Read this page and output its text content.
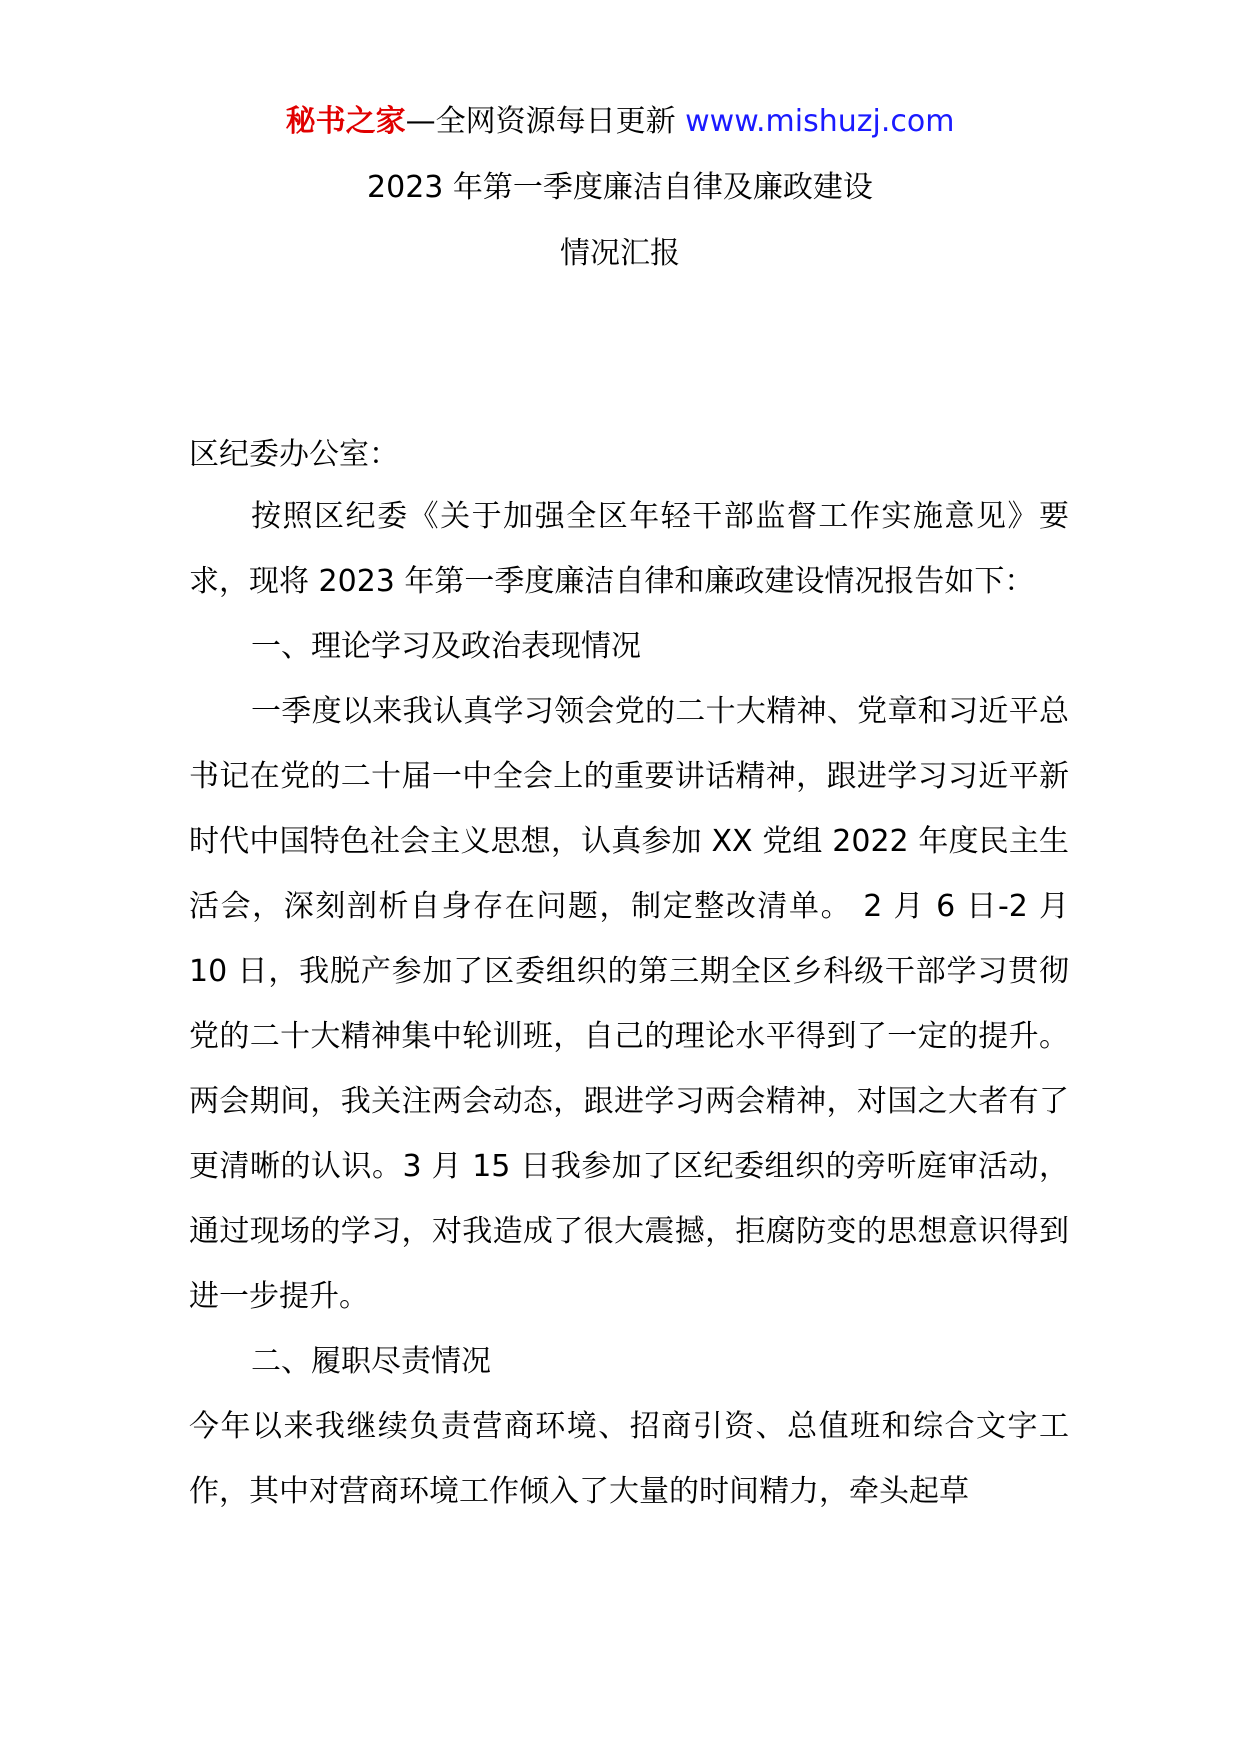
秘书之家—全网资源每日更新 www.mishuzj.com
2023 年第一季度廉洁自律及廉政建设
情况汇报
区纪委办公室：

按照区纪委《关于加强全区年轻干部监督工作实施意见》要求，现将 2023 年第一季度廉洁自律和廉政建设情况报告如下：

一、理论学习及政治表现情况

一季度以来我认真学习领会党的二十大精神、党章和习近平总书记在党的二十届一中全会上的重要讲话精神，跟进学习习近平新时代中国特色社会主义思想，认真参加 XX 党组 2022 年度民主生活会，深刻剖析自身存在问题，制定整改清单。 2 月 6 日-2 月 10 日，我脱产参加了区委组织的第三期全区乡科级干部学习贯彻党的二十大精神集中轮训班，自己的理论水平得到了一定的提升。两会期间，我关注两会动态，跟进学习两会精神，对国之大者有了更清晰的认识。3 月 15 日我参加了区纪委组织的旁听庭审活动，通过现场的学习，对我造成了很大震撼，拒腐防变的思想意识得到进一步提升。

二、履职尽责情况

今年以来我继续负责营商环境、招商引资、总值班和综合文字工作，其中对营商环境工作倾入了大量的时间精力，牵头起草
